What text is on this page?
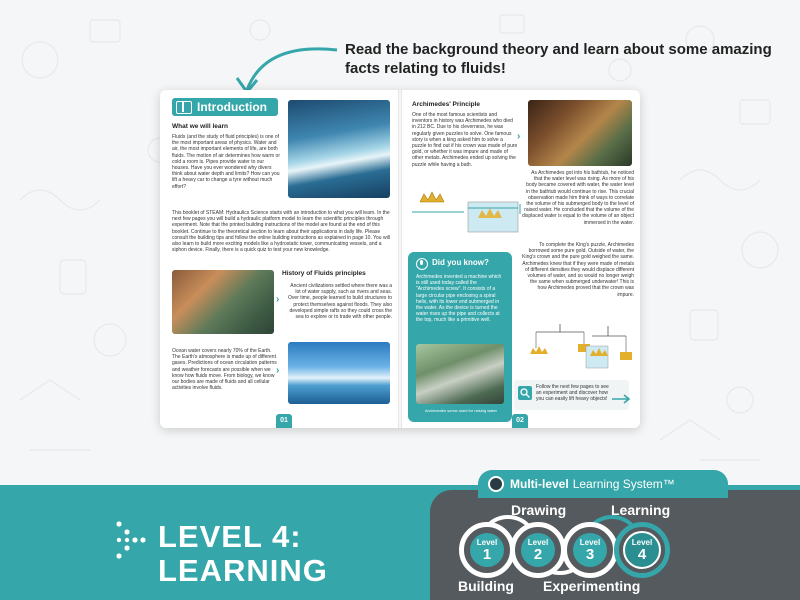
Read the background theory and learn about some amazing facts relating to fluids!
Introduction
What we will learn
Fluids (and the study of fluid principles) is one of the most important areas of physics. Water and air, the most important elements of life, are both fluids. The motion of air determines how warm or cold a room is. Pipes provide water to our houses. Have you ever wondered why divers think about water depth and limits? How can you lift a heavy car to change a tyre without much effort?
This booklet of STEAM: Hydraulics Science starts with an introduction to what you will learn. In the next few pages you will build a hydraulic platform model to learn the scientific principles through experiment. Note that the printed building instructions of the model are found at the end of this booklet. Continue to the theoretical section to learn about their applications in daily life. Please consult the building tips and follow the online building instructions as explained in page 10. You will also learn to build more exciting models like a hydrostatic tower, communicating vessels, and a siphon device. Finally, there is a quick quiz to test your new knowledge.
History of Fluids principles
›
Ancient civilizations settled where there was a lot of water supply, such as rivers and seas. Over time, people learned to build structures to protect themselves against floods. They also developed simple rafts so they could cross the sea to explore or to trade with other people.
Ocean water covers nearly 70% of the Earth. The Earth's atmosphere is made up of different gases. Predictions of ocean circulation patterns and weather forecasts are possible when we know how fluids move. From biology, we know our bodies are made of fluids and all cellular activities involve fluids.
›
01
Archimedes' Principle
One of the most famous scientists and inventors in history was Archimedes who died in 212 BC. Due to his cleverness, he was regularly given puzzles to solve. One famous story is when a king asked him to solve a puzzle to find out if his crown was made of pure gold, or whether it was impure and made of other metals. Archimedes ended up solving the puzzle while having a bath.
›
As Archimedes got into his bathtub, he noticed that the water level was rising. As more of his body became covered with water, the water level in the bathtub would continue to rise. This crucial observation made him think of ways to correlate the volume of his submerged body to the level of raised water. He concluded that the volume of the displaced water is equal to the volume of an object immersed in the water.
To complete the King's puzzle, Archimedes borrowed some pure gold. Outside of water, the King's crown and the pure gold weighed the same. Archimedes knew that if they were made of metals of different densities they would displace different volumes of water, and so would no longer weigh the same when submerged underwater! This is how Archimedes proved that the crown was impure.
Did you know?
Archimedes invented a machine which is still used today called the "Archimedes screw". It consists of a large circular pipe enclosing a spiral helix, with its lower end submerged in the water. As the device is turned the water rises up the pipe and collects at the top, much like a primitive well.
Archimedes screw used for raising water
Follow the next few pages to see an experiment and discover how you can easily lift heavy objects!
02
LEVEL 4:
LEARNING
Multi-level Learning System™
Drawing	Learning
Building Experimenting
Level
1
Level
2
Level
3
Level
4
